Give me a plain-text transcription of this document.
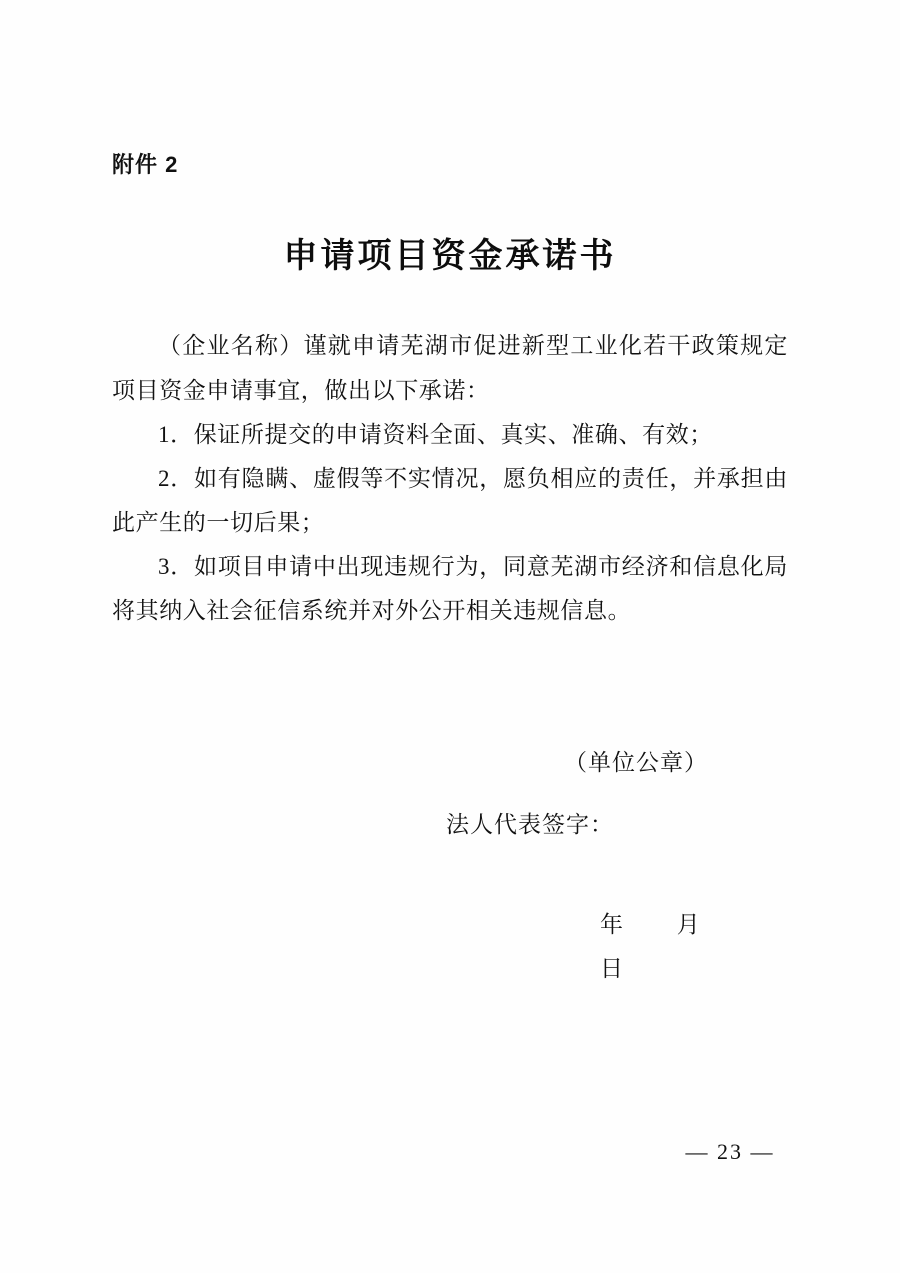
附件 2
申请项目资金承诺书

（企业名称）谨就申请芜湖市促进新型工业化若干政策规定项目资金申请事宜，做出以下承诺：

1．保证所提交的申请资料全面、真实、准确、有效；

2．如有隐瞒、虚假等不实情况，愿负相应的责任，并承担由此产生的一切后果；

3．如项目申请中出现违规行为，同意芜湖市经济和信息化局将其纳入社会征信系统并对外公开相关违规信息。

（单位公章）
法人代表签字：
年 月 日
— 23 —
